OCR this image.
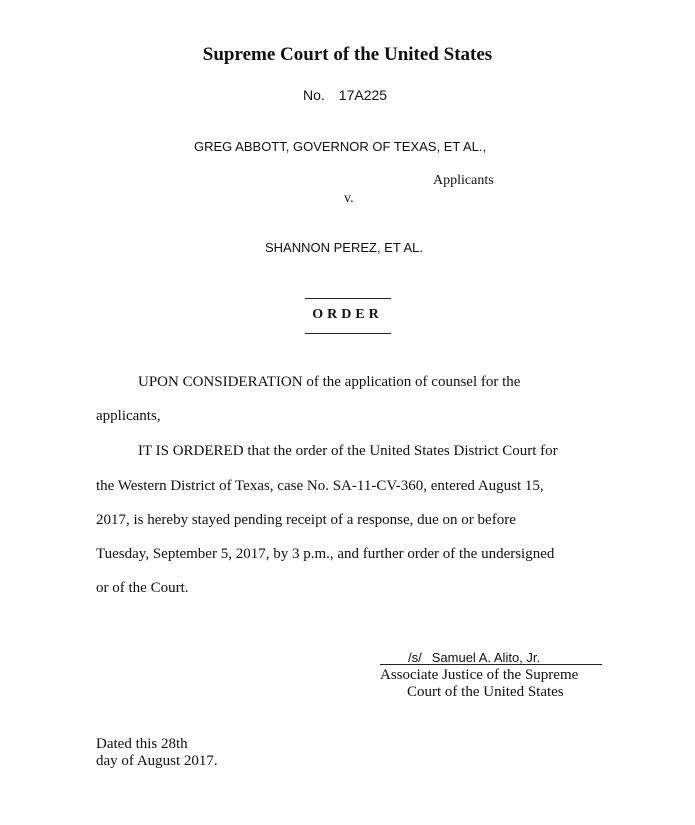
Supreme Court of the United States
No. 17A225
GREG ABBOTT, GOVERNOR OF TEXAS, ET AL.,
Applicants
v.
SHANNON PEREZ, ET AL.
ORDER
UPON CONSIDERATION of the application of counsel for the
applicants,
IT IS ORDERED that the order of the United States District Court for
the Western District of Texas, case No. SA-11-CV-360, entered August 15,
2017, is hereby stayed pending receipt of a response, due on or before
Tuesday, September 5, 2017, by 3 p.m., and further order of the undersigned
or of the Court.
/s/ Samuel A. Alito, Jr.
Associate Justice of the Supreme
Court of the United States
Dated this 28th
day of August 2017.
